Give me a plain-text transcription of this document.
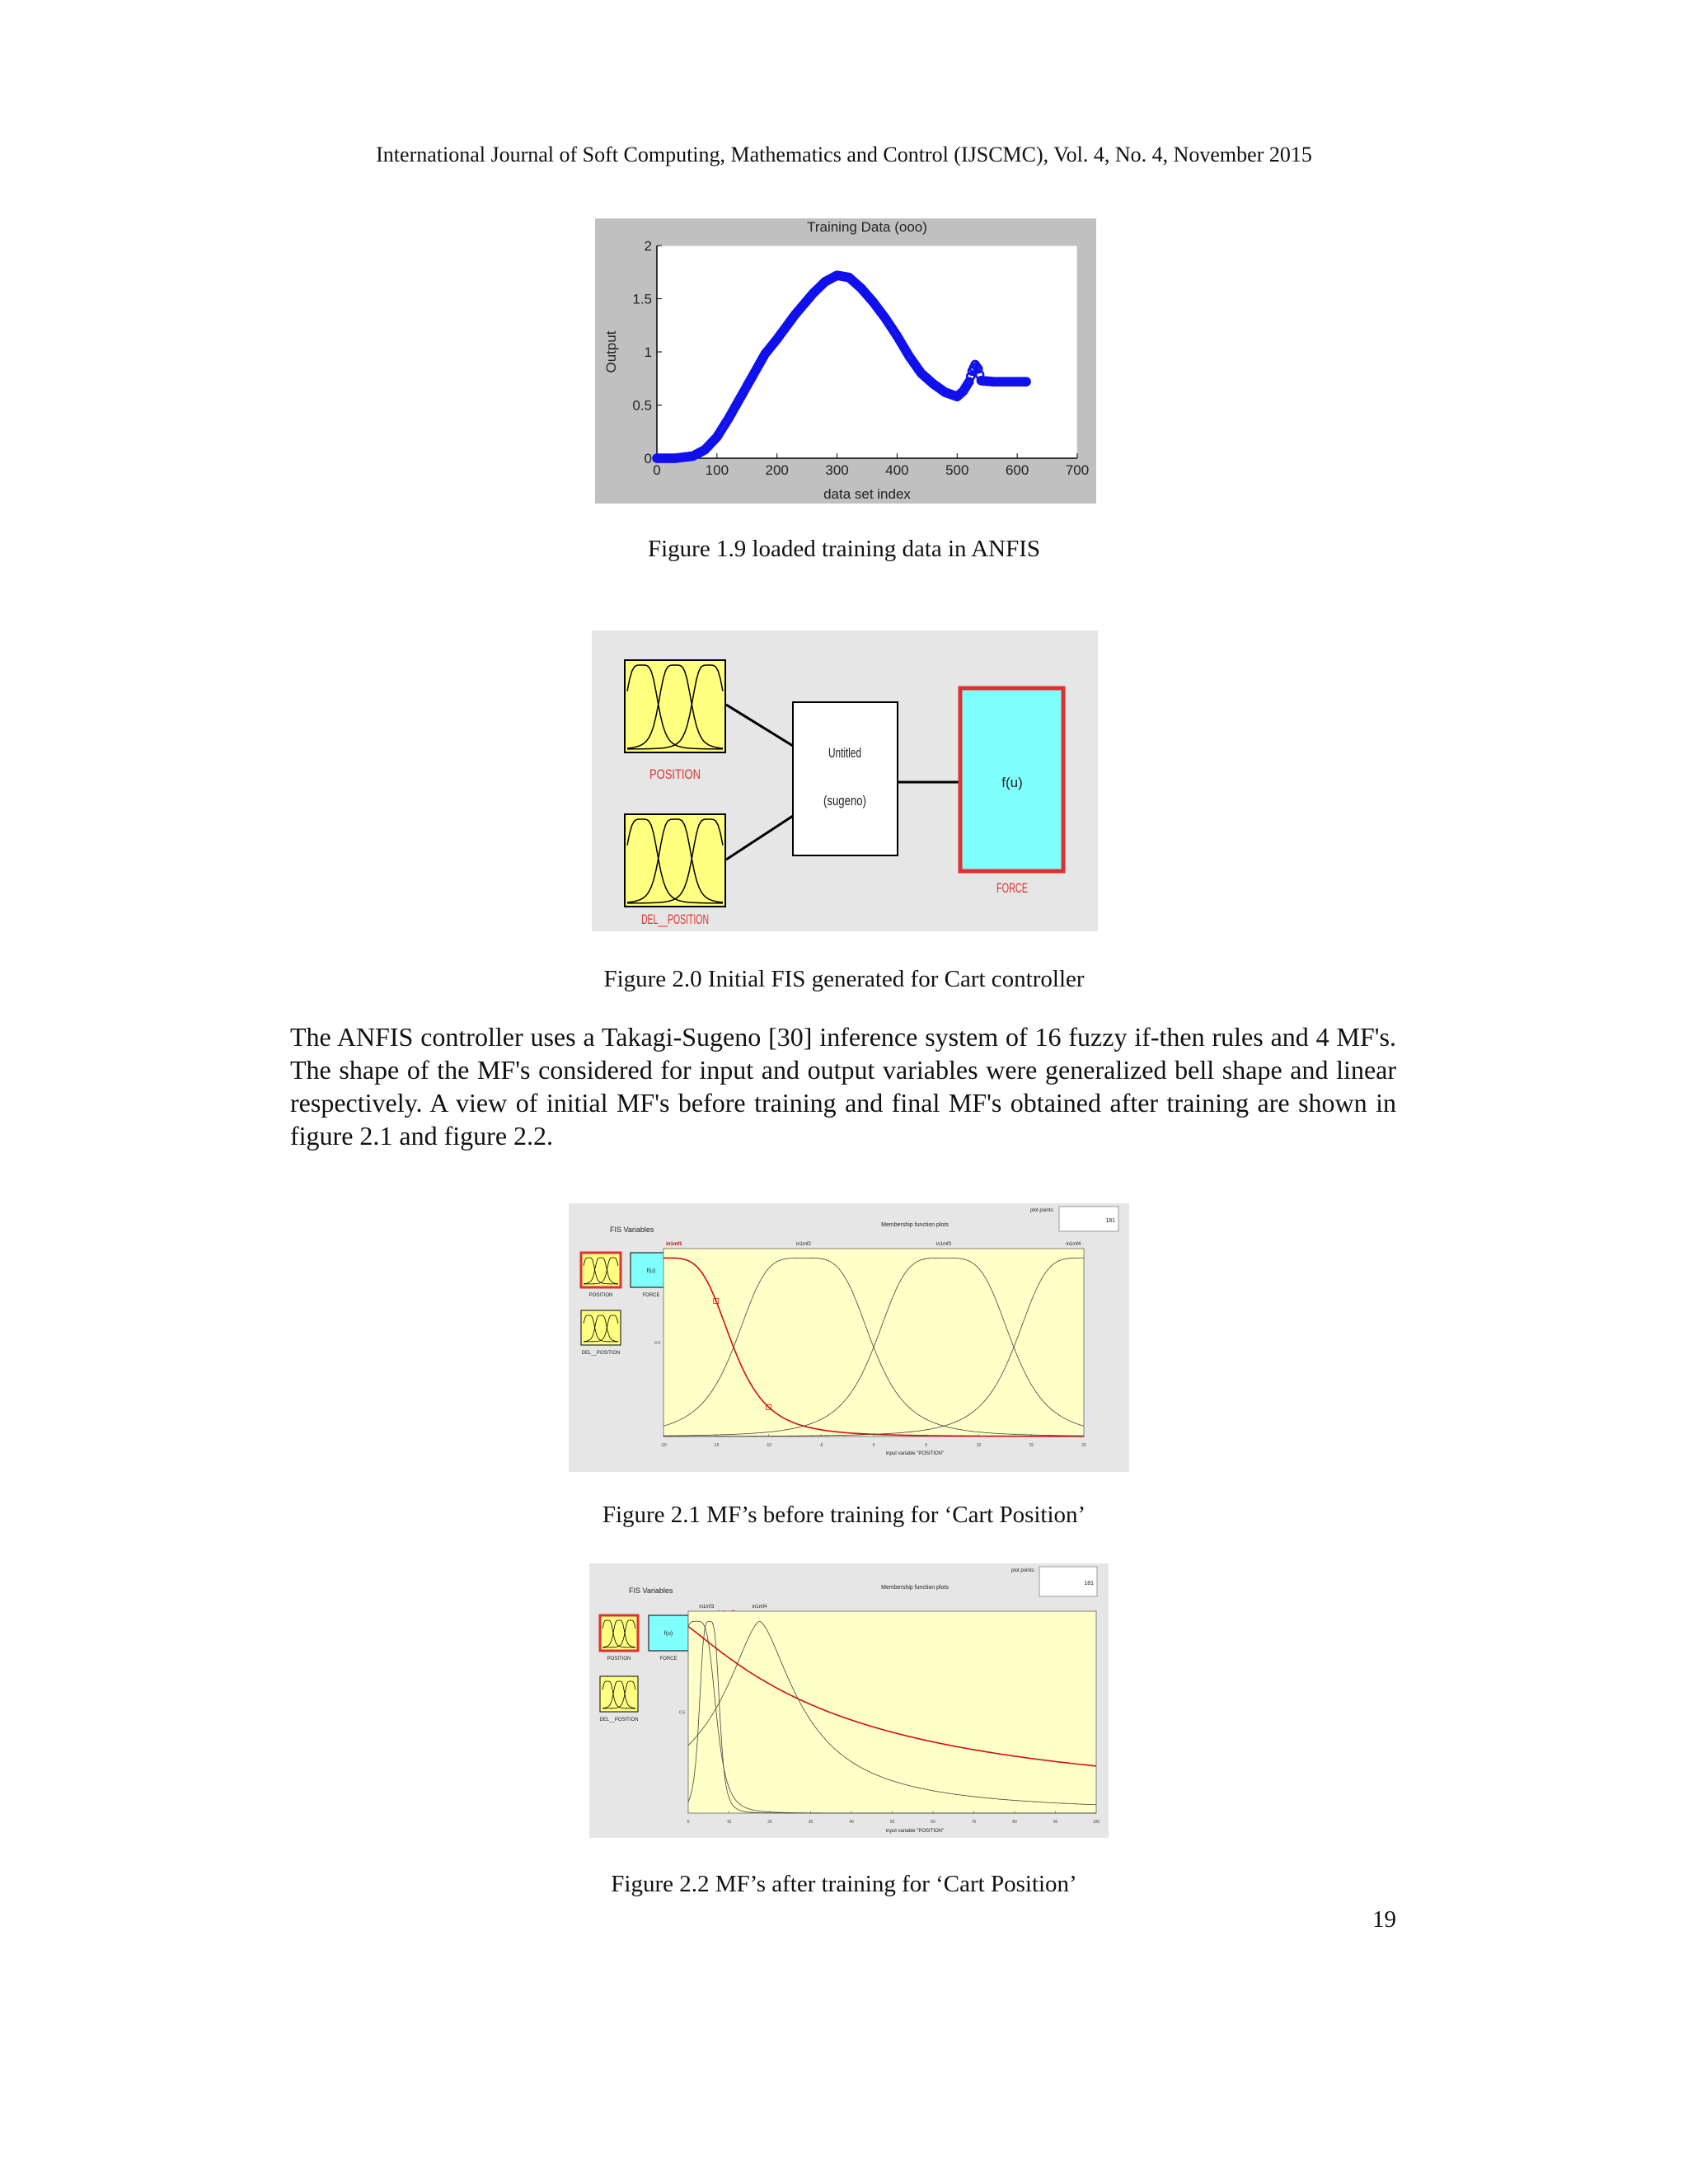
International Journal of Soft Computing, Mathematics and Control (IJSCMC), Vol. 4, No. 4, November 2015
Training Data (ooo)
data set index
Output
0	100	200	300	400	500	600	700
0
0.5
1
1.5
2
Figure 1.9 loaded training data in ANFIS
POSITION
DEL__POSITION
Untitled
(sugeno)
f(u)
FORCE
Figure 2.0 Initial FIS generated for Cart controller
The ANFIS controller uses a Takagi-Sugeno [30] inference system of 16 fuzzy if-then rules and 4 MF's. The shape of the MF's considered for input and output variables were generalized bell shape and linear respectively. A view of initial MF's before training and final MF's obtained after training are shown in figure 2.1 and figure 2.2.
FIS Variables
POSITION
f(u)
FORCE
DEL__POSITION
plot points:
181
Membership function plots
input variable "POSITION"
-20	-15	-10	-5	0	5	10	15	20
0.5
in1mf1	in1mf2	in1mf3	in1mf4
Figure 2.1 MF’s before training for ‘Cart Position’
FIS Variables
POSITION
f(u)
FORCE
DEL__POSITION
plot points:
181
Membership function plots
input variable "POSITION"
0	10	20	30	40	50	60	70	80	90	100
0.5
in1mf3	in1mf4
Figure 2.2 MF’s after training for ‘Cart Position’
19
